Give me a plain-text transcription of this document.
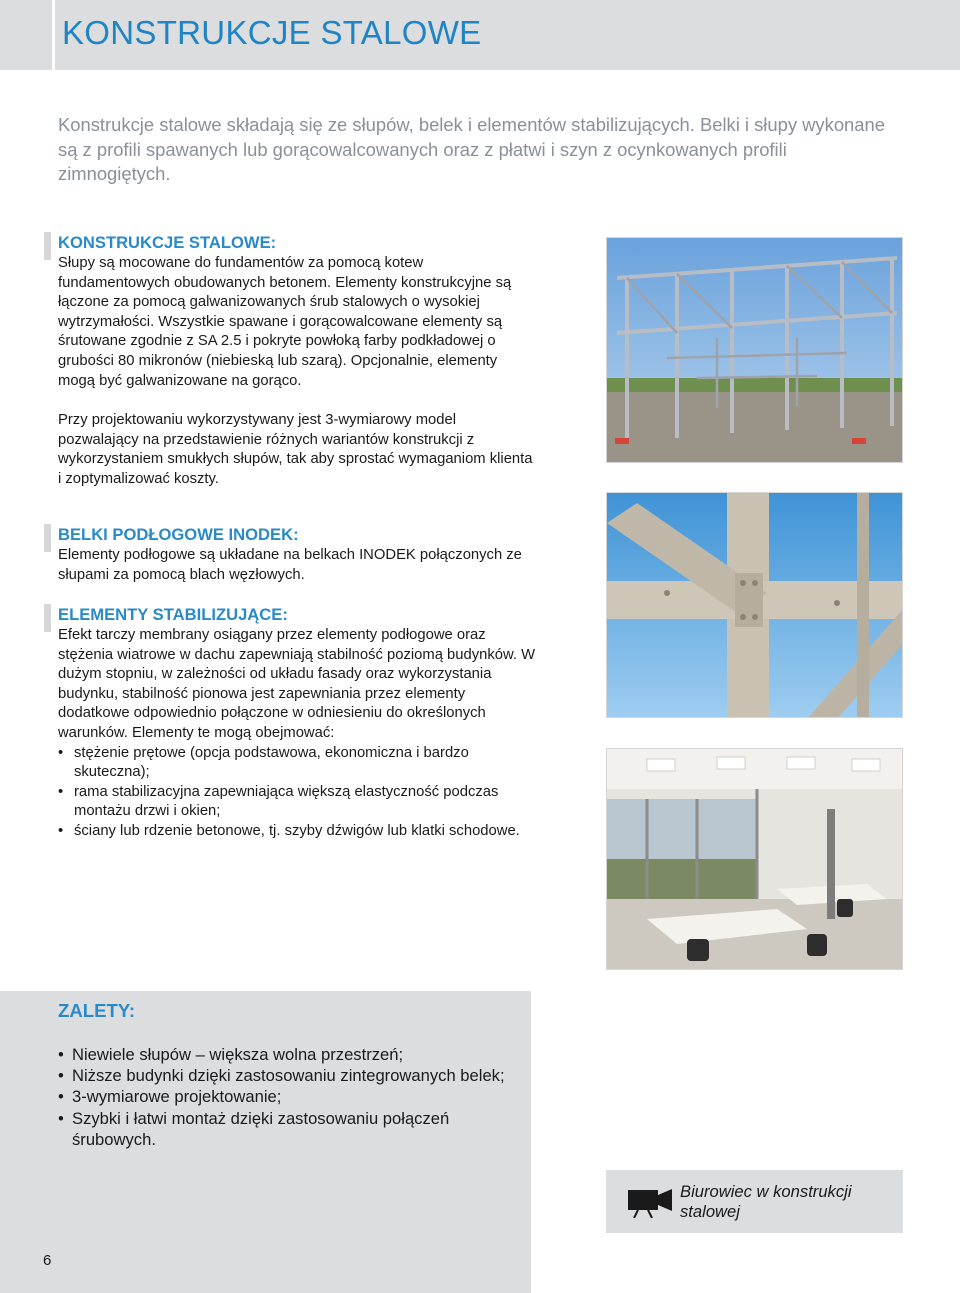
KONSTRUKCJE STALOWE

Konstrukcje stalowe składają się ze słupów, belek i elementów stabilizujących. Belki i słupy wykonane są z profili spawanych lub gorącowalcowanych oraz z płatwi i szyn z ocynkowanych profili zimnogiętych.

KONSTRUKCJE STALOWE:

Słupy są mocowane do fundamentów za pomocą kotew fundamentowych obudowanych betonem. Elementy konstrukcyjne są łączone za pomocą galwanizowanych śrub stalowych o wysokiej wytrzymałości. Wszystkie spawane i gorącowalcowane elementy są śrutowane zgodnie z SA 2.5 i pokryte powłoką farby podkładowej o grubości 80 mikronów (niebieską lub szarą). Opcjonalnie, elementy mogą być galwanizowane na gorąco.

Przy projektowaniu wykorzystywany jest 3-wymiarowy model pozwalający na przedstawienie różnych wariantów konstrukcji z wykorzystaniem smukłych słupów, tak aby sprostać wymaganiom klienta i zoptymalizować koszty.

BELKI PODŁOGOWE INODEK:

Elementy podłogowe są układane na belkach INODEK połączonych ze słupami za pomocą blach węzłowych.

ELEMENTY STABILIZUJĄCE:

Efekt tarczy membrany osiągany przez elementy podłogowe oraz stężenia wiatrowe w dachu zapewniają stabilność poziomą budynków. W dużym stopniu, w zależności od układu fasady oraz wykorzystania budynku, stabilność pionowa jest zapewniania przez elementy dodatkowe odpowiednio połączone w odniesieniu do określonych warunków. Elementy te mogą obejmować:

• stężenie prętowe (opcja podstawowa, ekonomiczna i bardzo skuteczna);
• rama stabilizacyjna zapewniająca większą elastyczność podczas montażu drzwi i okien;
• ściany lub rdzenie betonowe, tj. szyby dźwigów lub klatki schodowe.
ZALETY:
• Niewiele słupów – większa wolna przestrzeń;
• Niższe budynki dzięki zastosowaniu zintegrowanych belek;
• 3-wymiarowe projektowanie;
• Szybki i łatwi montaż dzięki zastosowaniu połączeń śrubowych.
6
Biurowiec w konstrukcji stalowej
